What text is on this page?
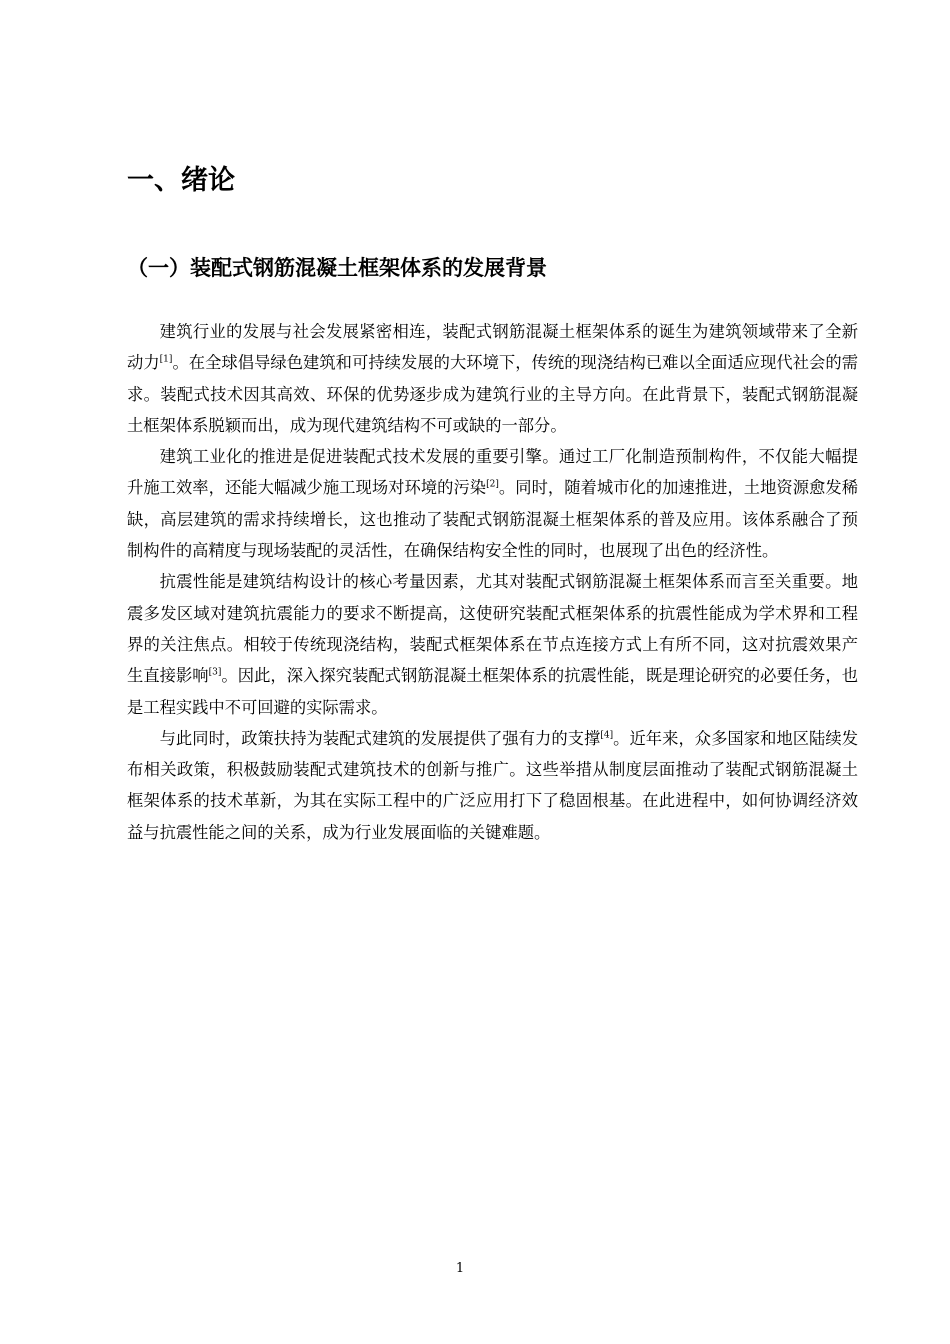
一、绪论
（一）装配式钢筋混凝土框架体系的发展背景

建筑行业的发展与社会发展紧密相连，装配式钢筋混凝土框架体系的诞生为建筑领域带来了全新动力[1]。在全球倡导绿色建筑和可持续发展的大环境下，传统的现浇结构已难以全面适应现代社会的需求。装配式技术因其高效、环保的优势逐步成为建筑行业的主导方向。在此背景下，装配式钢筋混凝土框架体系脱颖而出，成为现代建筑结构不可或缺的一部分。

建筑工业化的推进是促进装配式技术发展的重要引擎。通过工厂化制造预制构件，不仅能大幅提升施工效率，还能大幅减少施工现场对环境的污染[2]。同时，随着城市化的加速推进，土地资源愈发稀缺，高层建筑的需求持续增长，这也推动了装配式钢筋混凝土框架体系的普及应用。该体系融合了预制构件的高精度与现场装配的灵活性，在确保结构安全性的同时，也展现了出色的经济性。

抗震性能是建筑结构设计的核心考量因素，尤其对装配式钢筋混凝土框架体系而言至关重要。地震多发区域对建筑抗震能力的要求不断提高，这使研究装配式框架体系的抗震性能成为学术界和工程界的关注焦点。相较于传统现浇结构，装配式框架体系在节点连接方式上有所不同，这对抗震效果产生直接影响[3]。因此，深入探究装配式钢筋混凝土框架体系的抗震性能，既是理论研究的必要任务，也是工程实践中不可回避的实际需求。

与此同时，政策扶持为装配式建筑的发展提供了强有力的支撑[4]。近年来，众多国家和地区陆续发布相关政策，积极鼓励装配式建筑技术的创新与推广。这些举措从制度层面推动了装配式钢筋混凝土框架体系的技术革新，为其在实际工程中的广泛应用打下了稳固根基。在此进程中，如何协调经济效益与抗震性能之间的关系，成为行业发展面临的关键难题。

1
